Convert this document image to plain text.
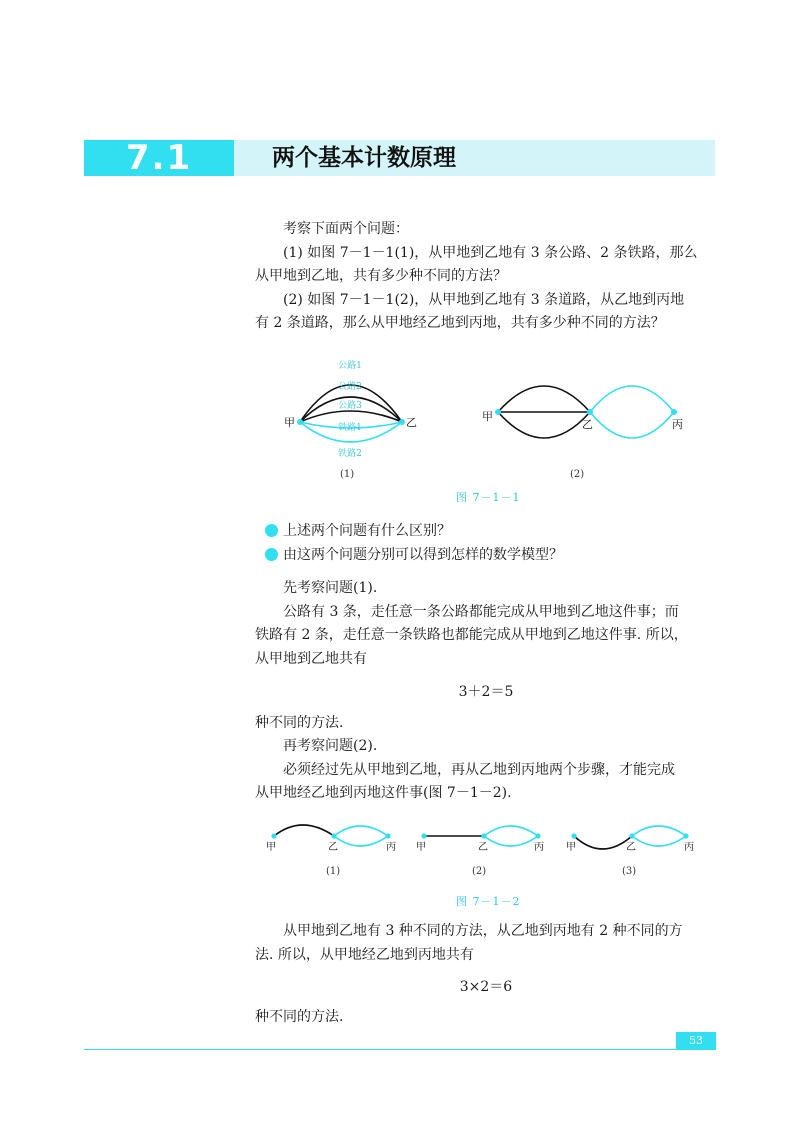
7.1	两个基本计数原理

考察下面两个问题：

(1) 如图 7－1－1(1)，从甲地到乙地有 3 条公路、2 条铁路，那么

从甲地到乙地，共有多少种不同的方法？

(2) 如图 7－1－1(2)，从甲地到乙地有 3 条道路，从乙地到丙地

有 2 条道路，那么从甲地经乙地到丙地，共有多少种不同的方法？

公路1
公路2
公路3
铁路1
铁路2
甲	乙
(1)
甲
乙	丙
(2)
图 7－1－1
上述两个问题有什么区别？
由这两个问题分别可以得到怎样的数学模型？

先考察问题(1).

公路有 3 条，走任意一条公路都能完成从甲地到乙地这件事；而

铁路有 2 条，走任意一条铁路也都能完成从甲地到乙地这件事. 所以，

从甲地到乙地共有

3＋2＝5

种不同的方法.

再考察问题(2).

必须经过先从甲地到乙地，再从乙地到丙地两个步骤，才能完成

从甲地经乙地到丙地这件事(图 7－1－2).

甲	乙	丙
(1)
甲	乙	丙
(2)
甲	乙	丙
(3)
图 7－1－2

从甲地到乙地有 3 种不同的方法，从乙地到丙地有 2 种不同的方

法. 所以，从甲地经乙地到丙地共有

3×2＝6

种不同的方法.

53
